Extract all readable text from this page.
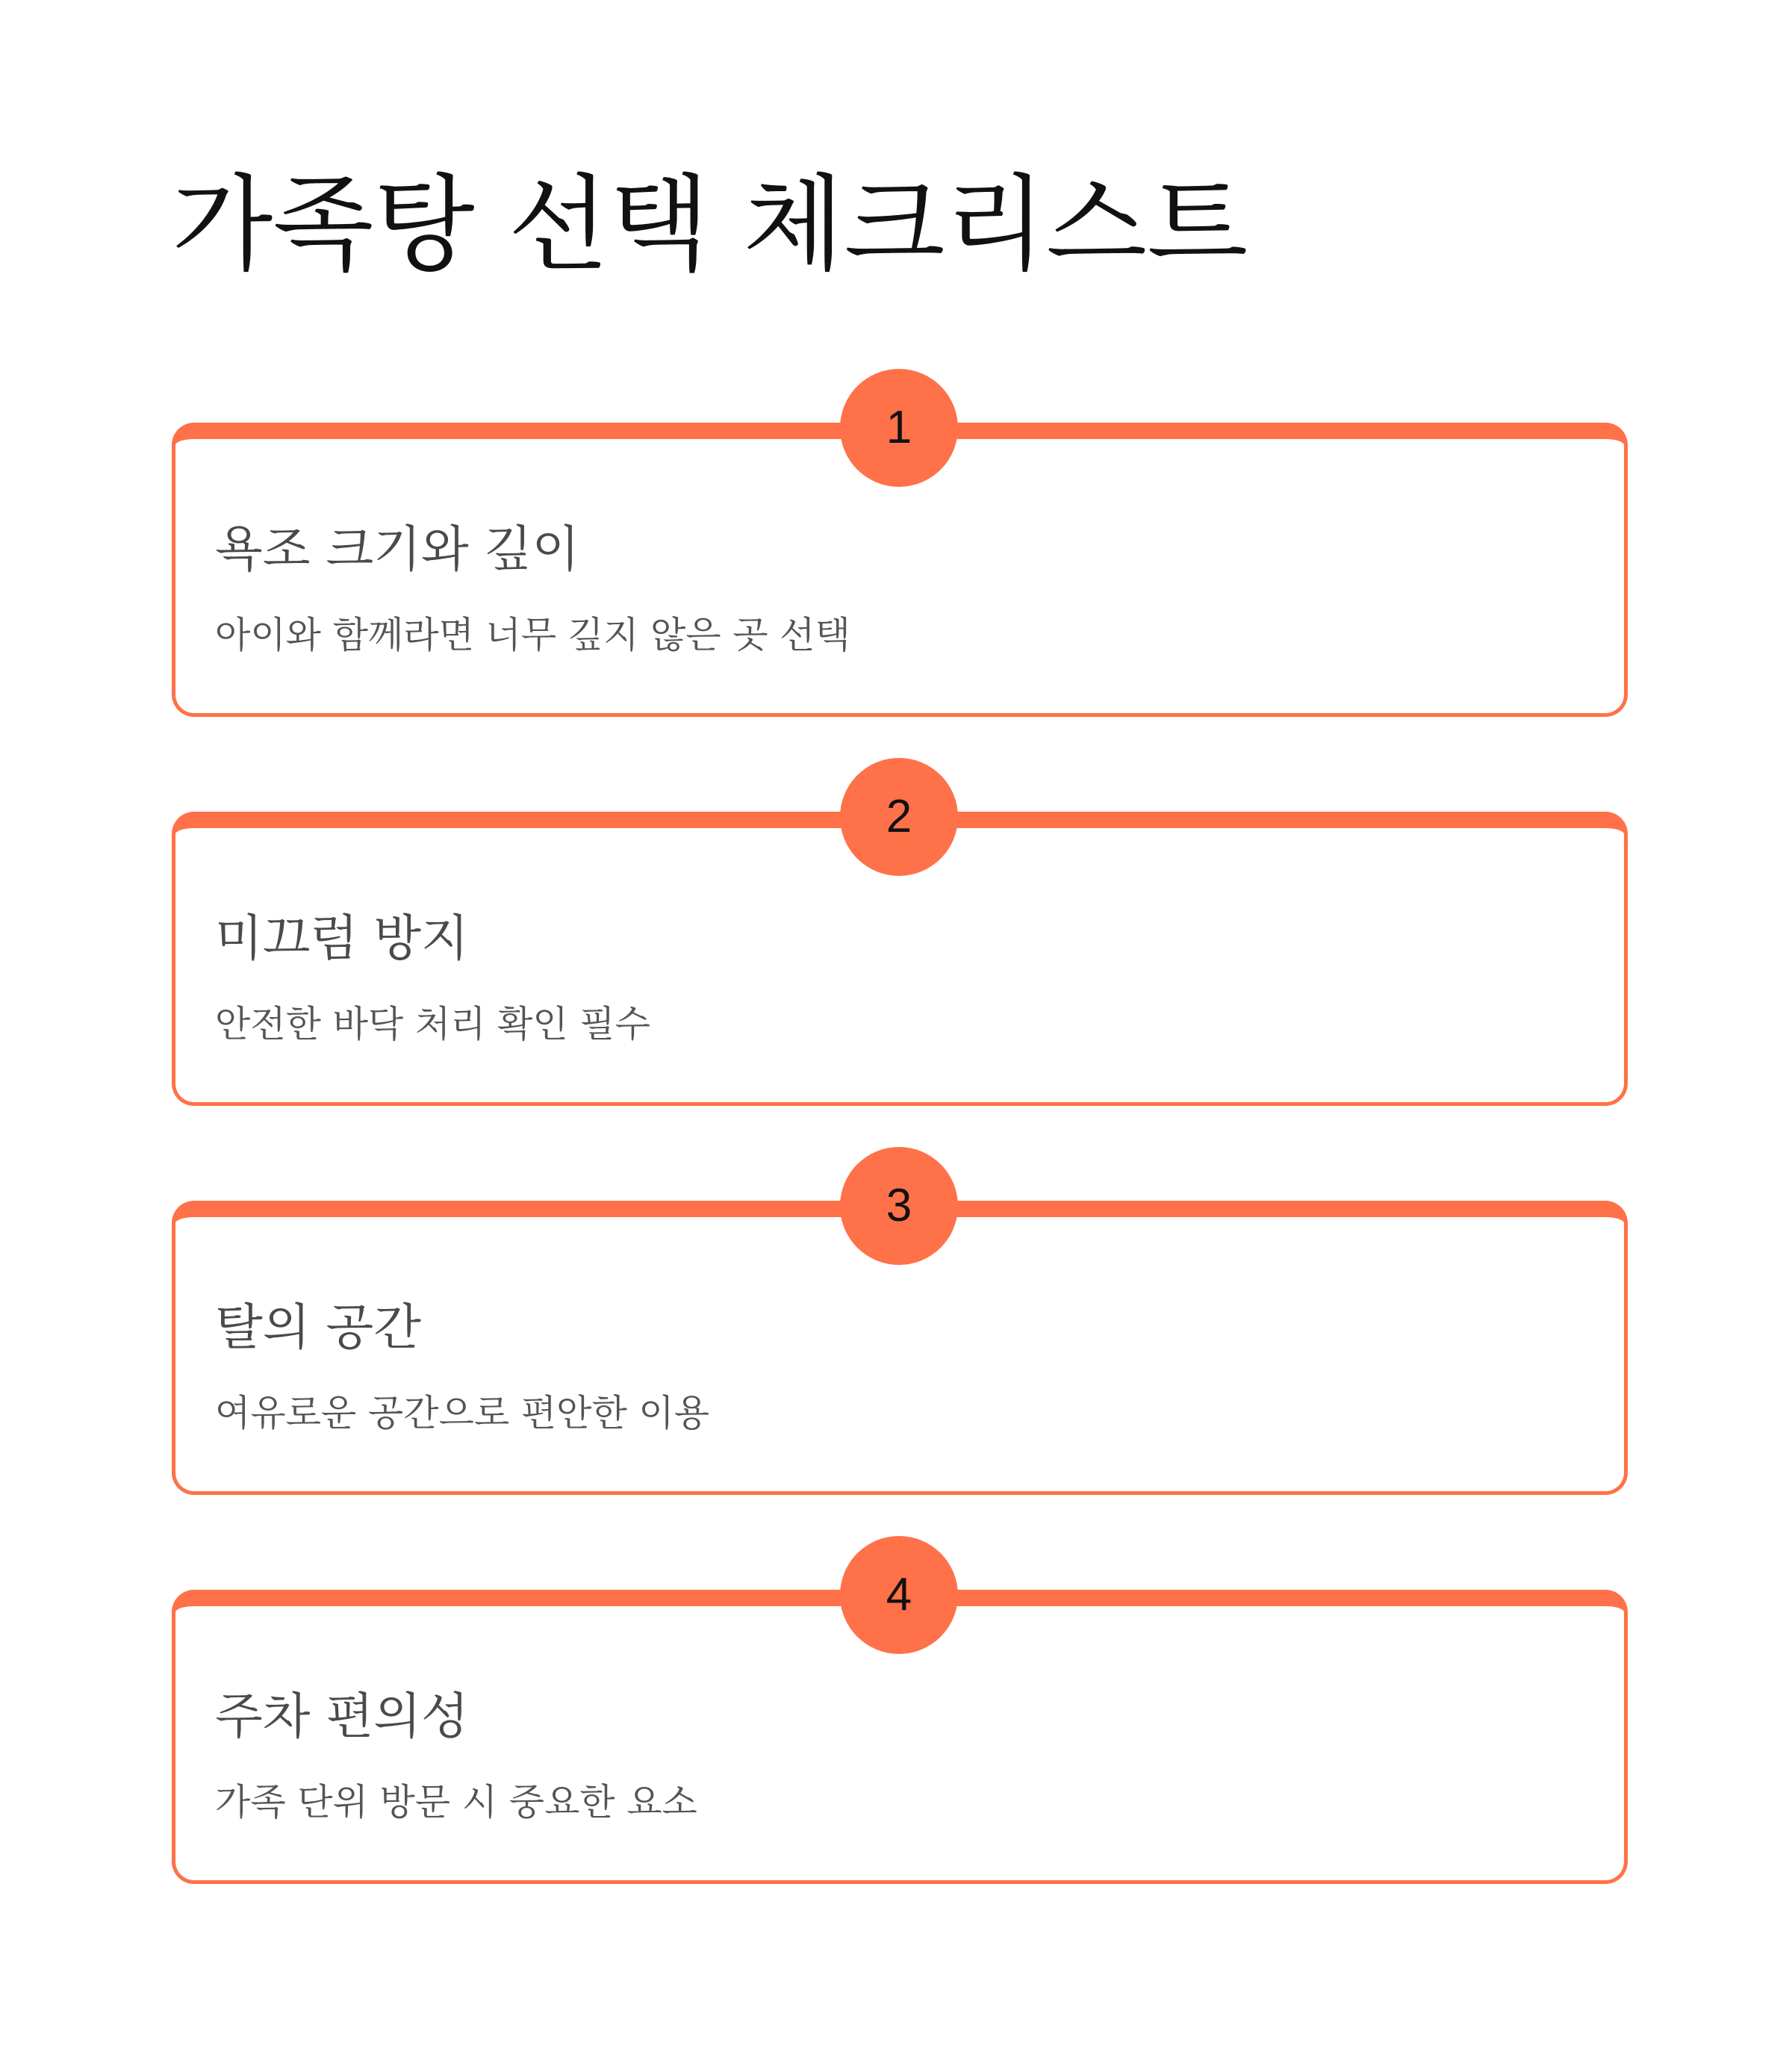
가족탕 선택 체크리스트
욕조 크기와 깊이

아이와 함께라면 너무 깊지 않은 곳 선택

1
미끄럼 방지

안전한 바닥 처리 확인 필수

2
탈의 공간

여유로운 공간으로 편안한 이용

3
주차 편의성

가족 단위 방문 시 중요한 요소

4
